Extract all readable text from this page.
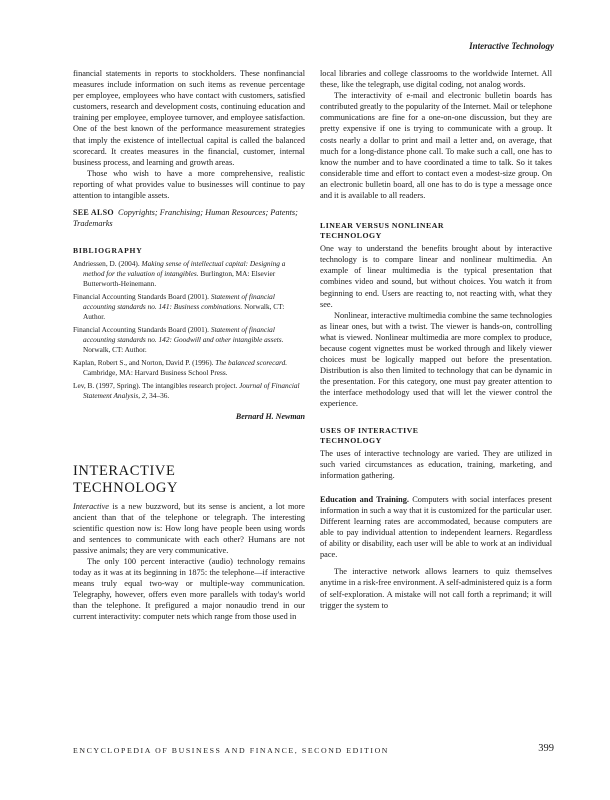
Interactive Technology

financial statements in reports to stockholders. These nonfinancial measures include information on such items as revenue percentage per employee, employees who have contact with customers, satisfied customers, research and development costs, continuing education and training per employee, employee turnover, and employee satisfaction. One of the best known of the performance measurement strategies that imply the existence of intellectual capital is called the balanced scorecard. It creates measures in the financial, customer, internal business process, and learning and growth areas.

Those who wish to have a more comprehensive, realistic reporting of what provides value to businesses will continue to pay attention to intangible assets.

SEE ALSO Copyrights; Franchising; Human Resources; Patents; Trademarks

BIBLIOGRAPHY

Andriessen, D. (2004). Making sense of intellectual capital: Designing a method for the valuation of intangibles. Burlington, MA: Elsevier Butterworth-Heinemann.

Financial Accounting Standards Board (2001). Statement of financial accounting standards no. 141: Business combinations. Norwalk, CT: Author.

Financial Accounting Standards Board (2001). Statement of financial accounting standards no. 142: Goodwill and other intangible assets. Norwalk, CT: Author.

Kaplan, Robert S., and Norton, David P. (1996). The balanced scorecard. Cambridge, MA: Harvard Business School Press.

Lev, B. (1997, Spring). The intangibles research project. Journal of Financial Statement Analysis, 2, 34–36.

Bernard H. Newman

INTERACTIVE
TECHNOLOGY

Interactive is a new buzzword, but its sense is ancient, a lot more ancient than that of the telephone or telegraph. The interesting scientific question now is: How long have people been using words and sentences to communicate with each other? Humans are not passive animals; they are very communicative.

The only 100 percent interactive (audio) technology remains today as it was at its beginning in 1875: the telephone—if interactive means truly equal two-way or multiple-way communication. Telegraphy, however, offers even more parallels with today's world than the telephone. It prefigured a major nonaudio trend in our current interactivity: computer nets which range from those used in

local libraries and college classrooms to the worldwide Internet. All these, like the telegraph, use digital coding, not analog words.

The interactivity of e-mail and electronic bulletin boards has contributed greatly to the popularity of the Internet. Mail or telephone communications are fine for a one-on-one discussion, but they are pretty expensive if one is trying to communicate with a group. It costs nearly a dollar to print and mail a letter and, on average, that much for a long-distance phone call. To make such a call, one has to know the number and to have coordinated a time to talk. So it takes considerable time and effort to contact even a modest-size group. On an electronic bulletin board, all one has to do is type a message once and it is available to all readers.

LINEAR VERSUS NONLINEAR TECHNOLOGY

One way to understand the benefits brought about by interactive technology is to compare linear and nonlinear multimedia. An example of linear multimedia is the typical presentation that combines video and sound, but without choices. You watch it from beginning to end. Users are reacting to, not reacting with, what they see.

Nonlinear, interactive multimedia combine the same technologies as linear ones, but with a twist. The viewer is hands-on, controlling what is viewed. Nonlinear multimedia are more complex to produce, because cogent vignettes must be worked through and likely viewer choices must be logically mapped out before the presentation. Distribution is also then limited to technology that can be dynamic in the presentation. For this category, one must pay greater attention to the interface methodology used that will let the viewer control the experience.

USES OF INTERACTIVE TECHNOLOGY

The uses of interactive technology are varied. They are utilized in such varied circumstances as education, training, marketing, and information gathering.

Education and Training. Computers with social interfaces present information in such a way that it is customized for the particular user. Different learning rates are accommodated, because computers are able to pay individual attention to independent learners. Regardless of ability or disability, each user will be able to work at an individual pace.

The interactive network allows learners to quiz themselves anytime in a risk-free environment. A self-administered quiz is a form of self-exploration. A mistake will not call forth a reprimand; it will trigger the system to

ENCYCLOPEDIA OF BUSINESS AND FINANCE, SECOND EDITION	399
